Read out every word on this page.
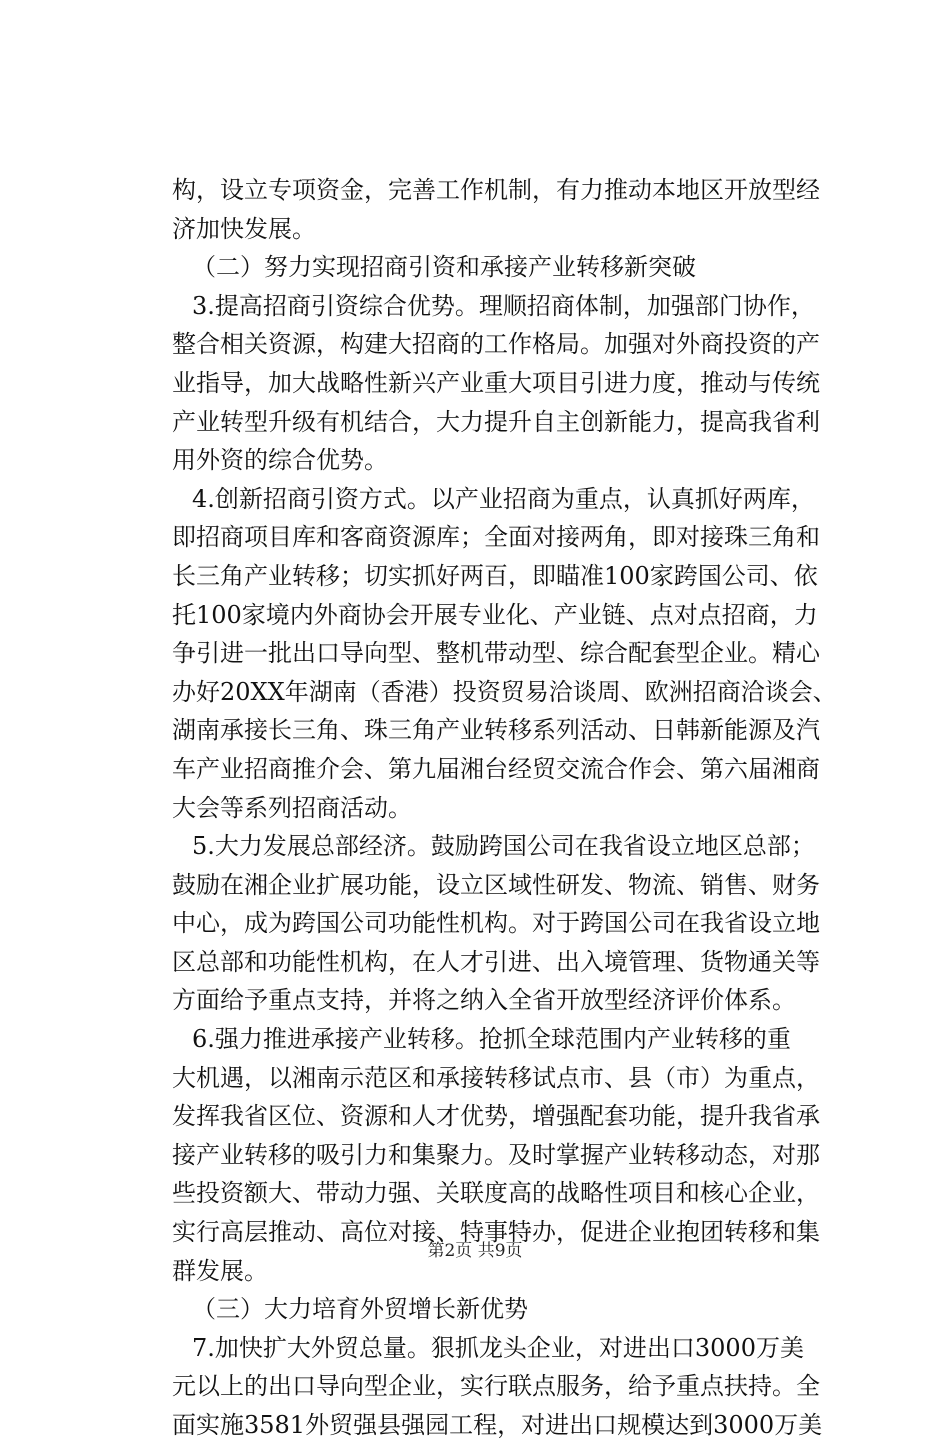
构，设立专项资金，完善工作机制，有力推动本地区开放型经
济加快发展。
（二）努力实现招商引资和承接产业转移新突破
3.提高招商引资综合优势。理顺招商体制，加强部门协作，
整合相关资源，构建大招商的工作格局。加强对外商投资的产
业指导，加大战略性新兴产业重大项目引进力度，推动与传统
产业转型升级有机结合，大力提升自主创新能力，提高我省利
用外资的综合优势。
4.创新招商引资方式。以产业招商为重点，认真抓好两库，
即招商项目库和客商资源库；全面对接两角，即对接珠三角和
长三角产业转移；切实抓好两百，即瞄准100家跨国公司、依
托100家境内外商协会开展专业化、产业链、点对点招商，力
争引进一批出口导向型、整机带动型、综合配套型企业。精心
办好20XX年湖南（香港）投资贸易洽谈周、欧洲招商洽谈会、
湖南承接长三角、珠三角产业转移系列活动、日韩新能源及汽
车产业招商推介会、第九届湘台经贸交流合作会、第六届湘商
大会等系列招商活动。
5.大力发展总部经济。鼓励跨国公司在我省设立地区总部；
鼓励在湘企业扩展功能，设立区域性研发、物流、销售、财务
中心，成为跨国公司功能性机构。对于跨国公司在我省设立地
区总部和功能性机构，在人才引进、出入境管理、货物通关等
方面给予重点支持，并将之纳入全省开放型经济评价体系。
6.强力推进承接产业转移。抢抓全球范围内产业转移的重
大机遇，以湘南示范区和承接转移试点市、县（市）为重点，
发挥我省区位、资源和人才优势，增强配套功能，提升我省承
接产业转移的吸引力和集聚力。及时掌握产业转移动态，对那
些投资额大、带动力强、关联度高的战略性项目和核心企业，
实行高层推动、高位对接、特事特办，促进企业抱团转移和集
群发展。
（三）大力培育外贸增长新优势
7.加快扩大外贸总量。狠抓龙头企业，对进出口3000万美
元以上的出口导向型企业，实行联点服务，给予重点扶持。全
面实施3581外贸强县强园工程，对进出口规模达到3000万美
第2页 共9页
